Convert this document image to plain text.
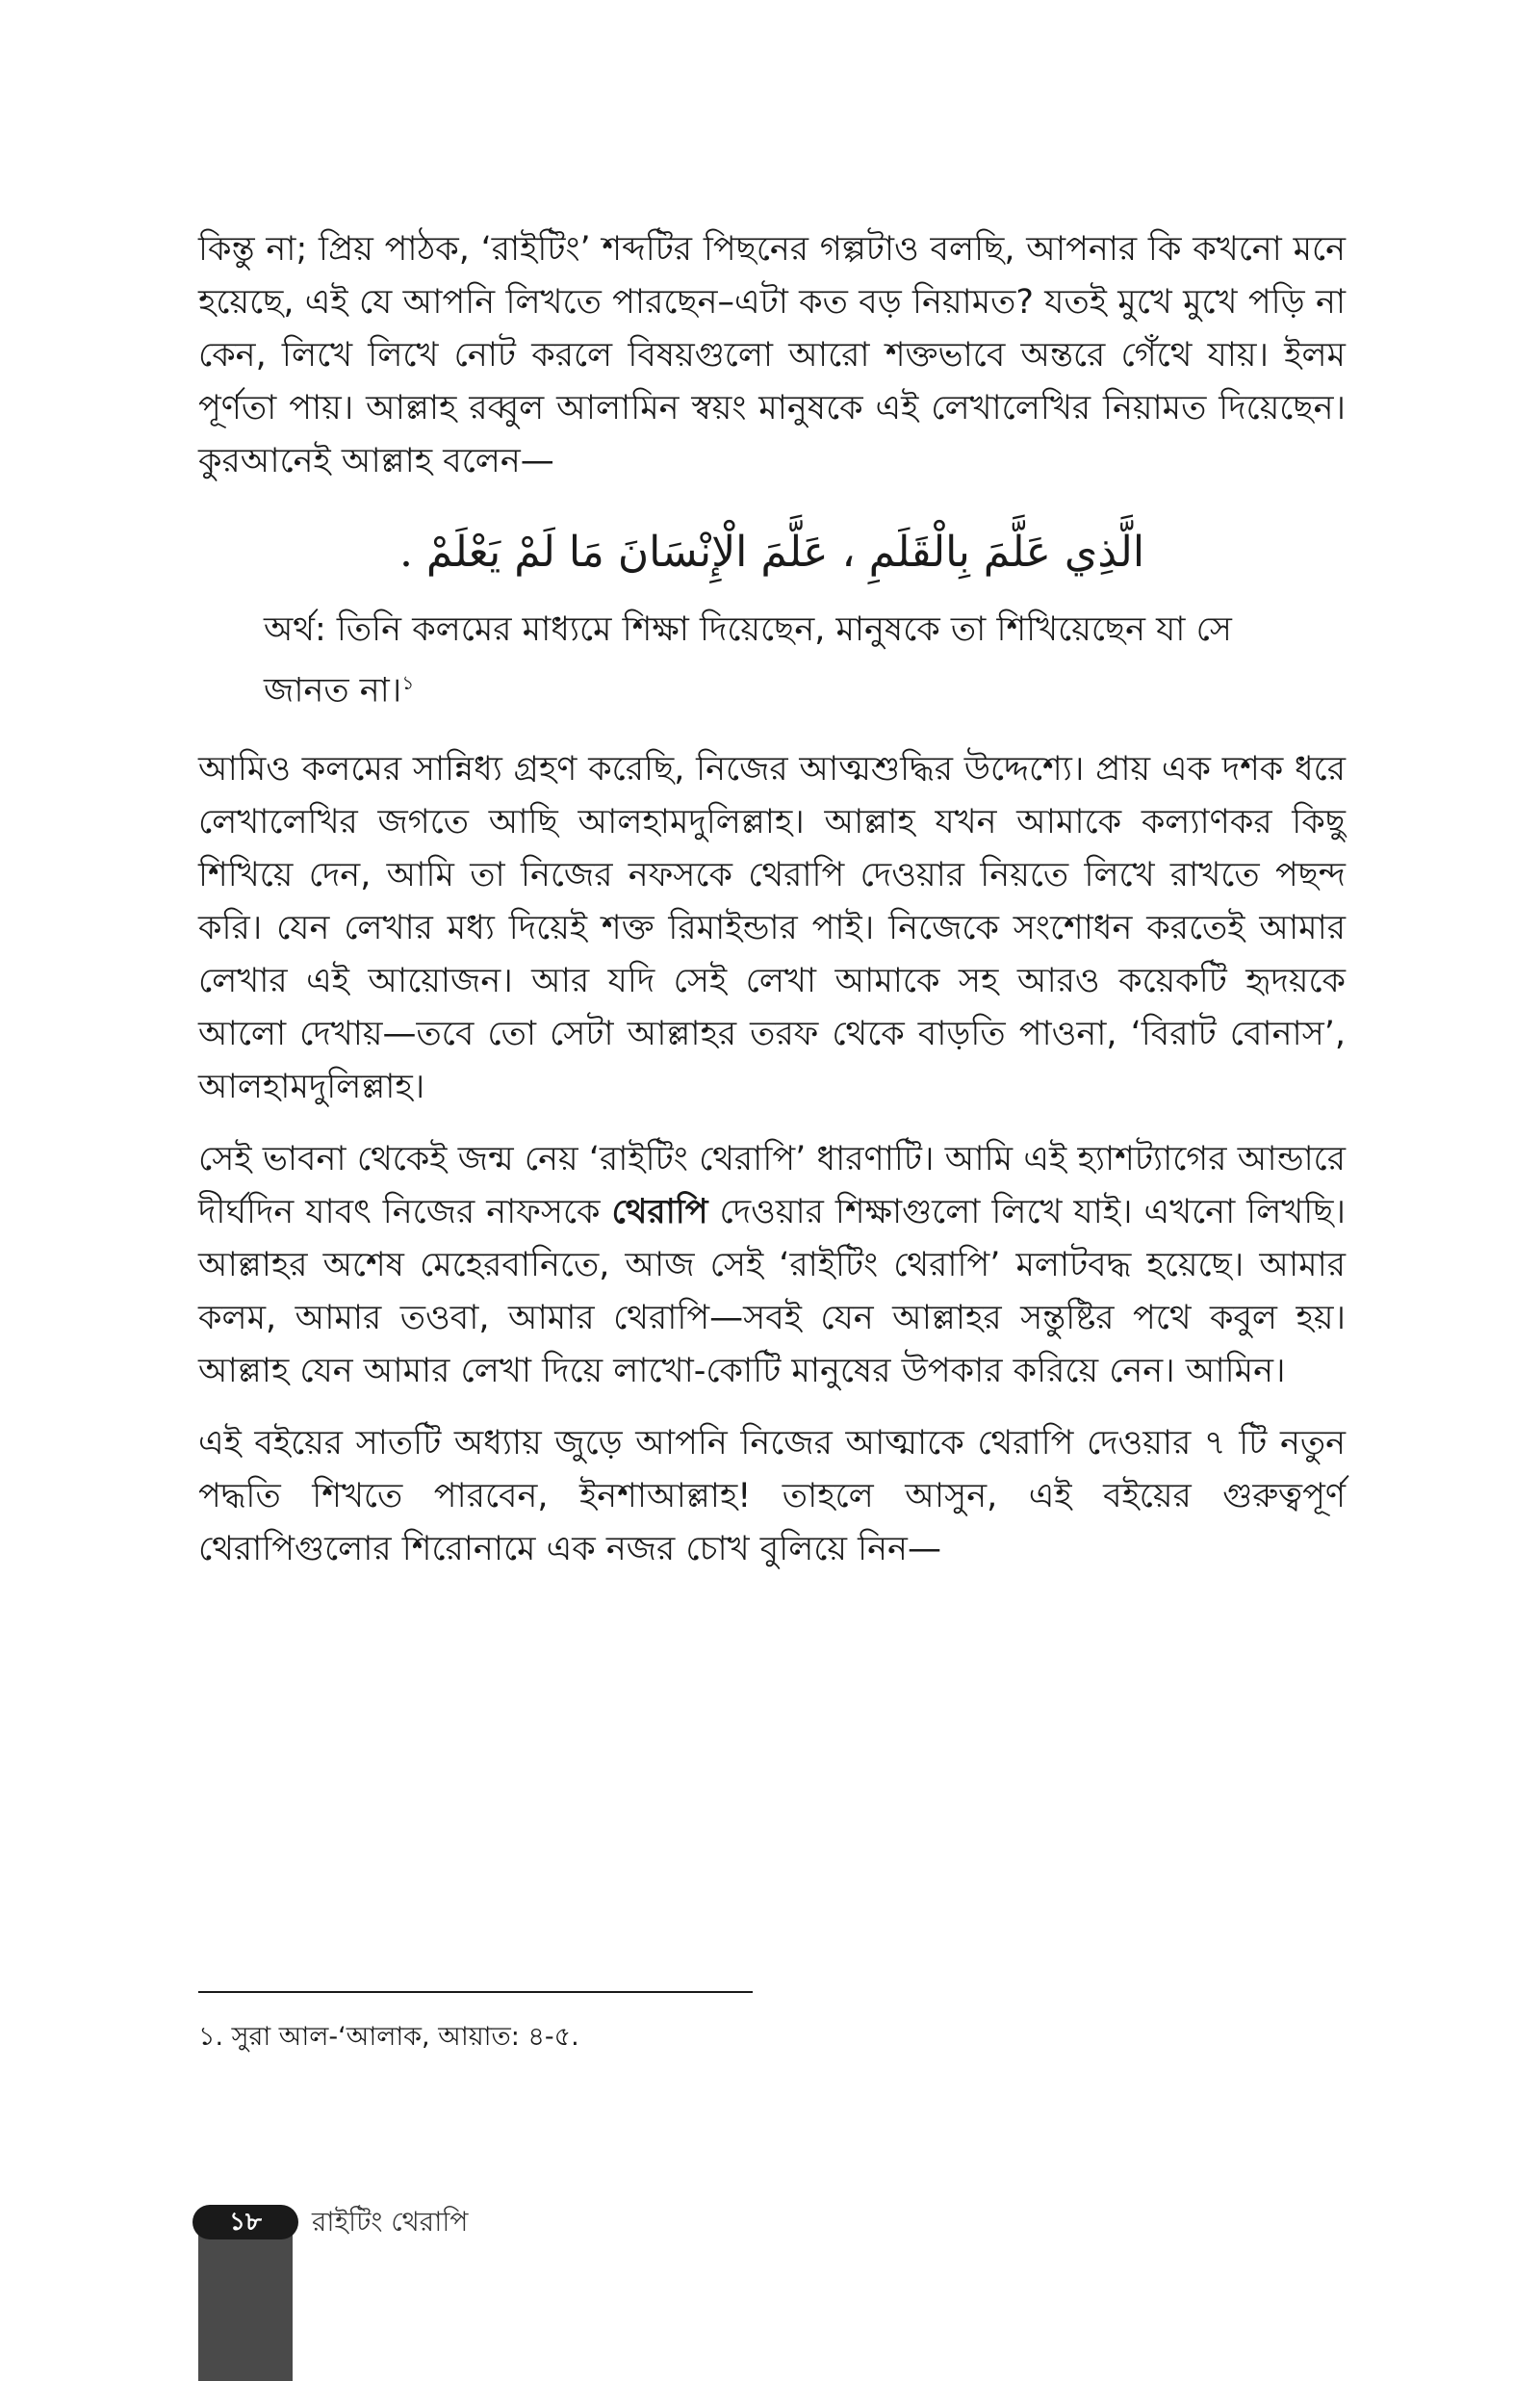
কিন্তু না; প্রিয় পাঠক, ‘রাইটিং’ শব্দটির পিছনের গল্পটাও বলছি, আপনার কি কখনো মনে হয়েছে, এই যে আপনি লিখতে পারছেন–এটা কত বড় নিয়ামত? যতই মুখে মুখে পড়ি না কেন, লিখে লিখে নোট করলে বিষয়গুলো আরো শক্তভাবে অন্তরে গেঁথে যায়। ইলম পূর্ণতা পায়। আল্লাহ রব্বুল আলামিন স্বয়ং মানুষকে এই লেখালেখির নিয়ামত দিয়েছেন। কুরআনেই আল্লাহ বলেন—

الَّذِي عَلَّمَ بِالْقَلَمِ ، عَلَّمَ الْإِنْسَانَ مَا لَمْ يَعْلَمْ .
অর্থ: তিনি কলমের মাধ্যমে শিক্ষা দিয়েছেন, মানুষকে তা শিখিয়েছেন যা সে জানত না।$^১$

আমিও কলমের সান্নিধ্য গ্রহণ করেছি, নিজের আত্মশুদ্ধির উদ্দেশ্যে। প্রায় এক দশক ধরে লেখালেখির জগতে আছি আলহামদুলিল্লাহ। আল্লাহ যখন আমাকে কল্যাণকর কিছু শিখিয়ে দেন, আমি তা নিজের নফসকে থেরাপি দেওয়ার নিয়তে লিখে রাখতে পছন্দ করি। যেন লেখার মধ্য দিয়েই শক্ত রিমাইন্ডার পাই। নিজেকে সংশোধন করতেই আমার লেখার এই আয়োজন। আর যদি সেই লেখা আমাকে সহ আরও কয়েকটি হৃদয়কে আলো দেখায়—তবে তো সেটা আল্লাহর তরফ থেকে বাড়তি পাওনা, ‘বিরাট বোনাস’, আলহামদুলিল্লাহ।

সেই ভাবনা থেকেই জন্ম নেয় ‘রাইটিং থেরাপি’ ধারণাটি। আমি এই হ্যাশট্যাগের আন্ডারে দীর্ঘদিন যাবৎ নিজের নাফসকে থেরাপি দেওয়ার শিক্ষাগুলো লিখে যাই। এখনো লিখছি। আল্লাহর অশেষ মেহেরবানিতে, আজ সেই ‘রাইটিং থেরাপি’ মলাটবদ্ধ হয়েছে। আমার কলম, আমার তওবা, আমার থেরাপি—সবই যেন আল্লাহর সন্তুষ্টির পথে কবুল হয়। আল্লাহ যেন আমার লেখা দিয়ে লাখো-কোটি মানুষের উপকার করিয়ে নেন। আমিন।

এই বইয়ের সাতটি অধ্যায় জুড়ে আপনি নিজের আত্মাকে থেরাপি দেওয়ার ৭ টি নতুন পদ্ধতি শিখতে পারবেন, ইনশাআল্লাহ! তাহলে আসুন, এই বইয়ের গুরুত্বপূর্ণ থেরাপিগুলোর শিরোনামে এক নজর চোখ বুলিয়ে নিন—

১. সুরা আল-‘আলাক, আয়াত: ৪-৫.
১৮	রাইটিং থেরাপি
